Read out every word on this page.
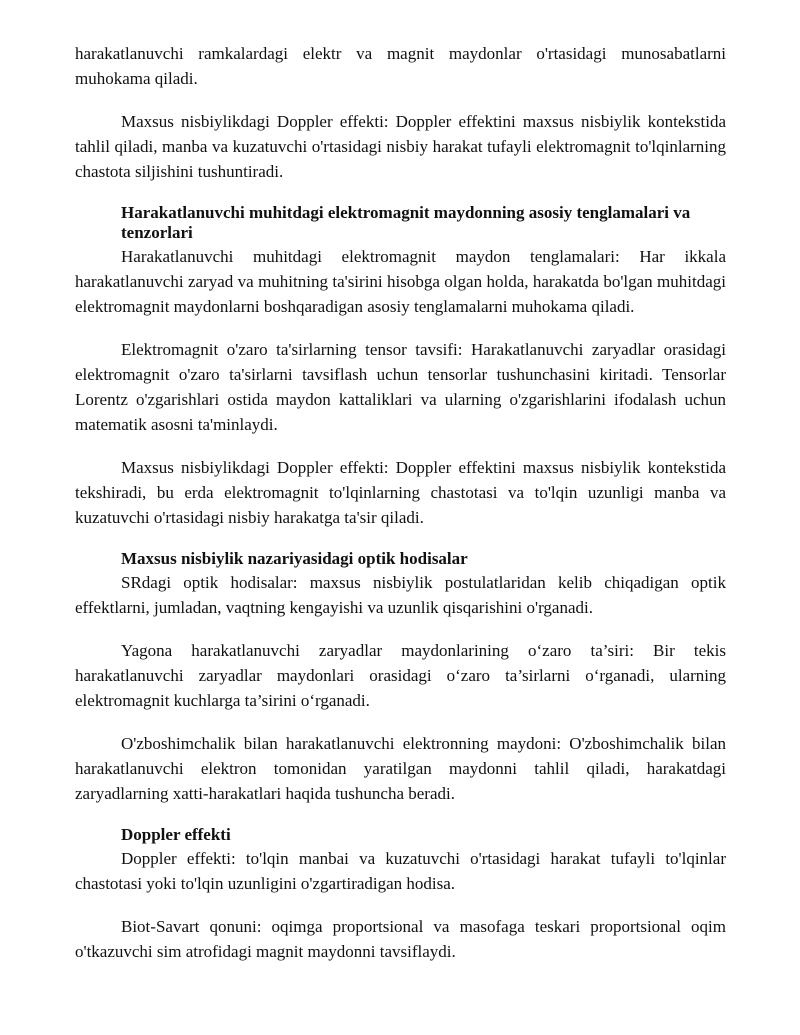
harakatlanuvchi ramkalardagi elektr va magnit maydonlar o'rtasidagi munosabatlarni muhokama qiladi.

Maxsus nisbiylikdagi Doppler effekti: Doppler effektini maxsus nisbiylik kontekstida tahlil qiladi, manba va kuzatuvchi o'rtasidagi nisbiy harakat tufayli elektromagnit to'lqinlarning chastota siljishini tushuntiradi.

Harakatlanuvchi muhitdagi elektromagnit maydonning asosiy tenglamalari va tenzorlari

Harakatlanuvchi muhitdagi elektromagnit maydon tenglamalari: Har ikkala harakatlanuvchi zaryad va muhitning ta'sirini hisobga olgan holda, harakatda bo'lgan muhitdagi elektromagnit maydonlarni boshqaradigan asosiy tenglamalarni muhokama qiladi.

Elektromagnit o'zaro ta'sirlarning tensor tavsifi: Harakatlanuvchi zaryadlar orasidagi elektromagnit o'zaro ta'sirlarni tavsiflash uchun tensorlar tushunchasini kiritadi. Tensorlar Lorentz o'zgarishlari ostida maydon kattaliklari va ularning o'zgarishlarini ifodalash uchun matematik asosni ta'minlaydi.

Maxsus nisbiylikdagi Doppler effekti: Doppler effektini maxsus nisbiylik kontekstida tekshiradi, bu erda elektromagnit to'lqinlarning chastotasi va to'lqin uzunligi manba va kuzatuvchi o'rtasidagi nisbiy harakatga ta'sir qiladi.

Maxsus nisbiylik nazariyasidagi optik hodisalar

SRdagi optik hodisalar: maxsus nisbiylik postulatlaridan kelib chiqadigan optik effektlarni, jumladan, vaqtning kengayishi va uzunlik qisqarishini o'rganadi.

Yagona harakatlanuvchi zaryadlar maydonlarining o‘zaro ta’siri: Bir tekis harakatlanuvchi zaryadlar maydonlari orasidagi o‘zaro ta’sirlarni o‘rganadi, ularning elektromagnit kuchlarga ta’sirini o‘rganadi.

O'zboshimchalik bilan harakatlanuvchi elektronning maydoni: O'zboshimchalik bilan harakatlanuvchi elektron tomonidan yaratilgan maydonni tahlil qiladi, harakatdagi zaryadlarning xatti-harakatlari haqida tushuncha beradi.

Doppler effekti

Doppler effekti: to'lqin manbai va kuzatuvchi o'rtasidagi harakat tufayli to'lqinlar chastotasi yoki to'lqin uzunligini o'zgartiradigan hodisa.

Biot-Savart qonuni: oqimga proportsional va masofaga teskari proportsional oqim o'tkazuvchi sim atrofidagi magnit maydonni tavsiflaydi.
